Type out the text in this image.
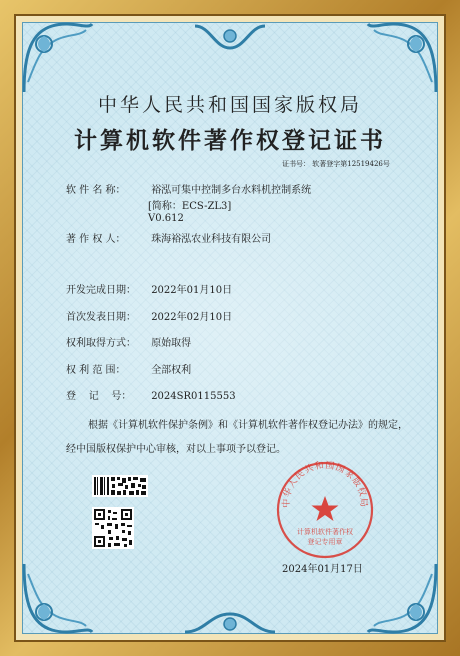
中华人民共和国国家版权局
计算机软件著作权登记证书
证书号： 软著登字第12519426号
软 件 名 称：	裕泓可集中控制多台水料机控制系统
[简称：ECS-ZL3]
V0.612
著 作 权 人：	珠海裕泓农业科技有限公司
开发完成日期： 2022年01月10日
首次发表日期： 2022年02月10日
权利取得方式： 原始取得
权 利 范 围：	全部权利
登    记    号： 2024SR0115553
根据《计算机软件保护条例》和《计算机软件著作权登记办法》的规定，经中国版权保护中心审核，对以上事项予以登记。
中华人民共和国国家版权局
计算机软件著作权
登记专用章
2024年01月17日
